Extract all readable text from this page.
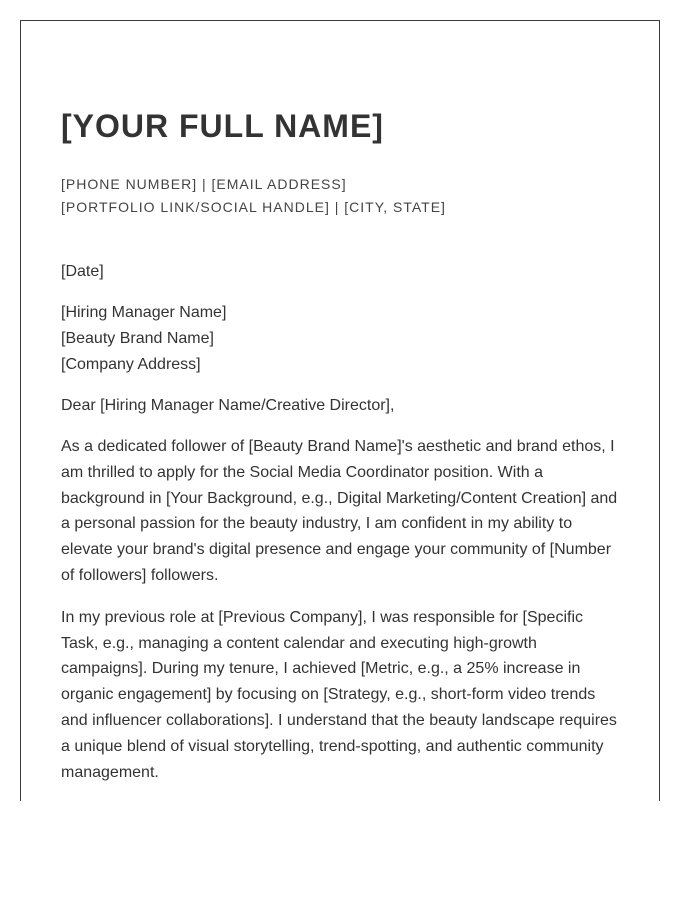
[YOUR FULL NAME]
[PHONE NUMBER] | [EMAIL ADDRESS]
[PORTFOLIO LINK/SOCIAL HANDLE] | [CITY, STATE]
[Date]
[Hiring Manager Name]
[Beauty Brand Name]
[Company Address]
Dear [Hiring Manager Name/Creative Director],

As a dedicated follower of [Beauty Brand Name]'s aesthetic and brand ethos, I am thrilled to apply for the Social Media Coordinator position. With a background in [Your Background, e.g., Digital Marketing/Content Creation] and a personal passion for the beauty industry, I am confident in my ability to elevate your brand's digital presence and engage your community of [Number of followers] followers.

In my previous role at [Previous Company], I was responsible for [Specific Task, e.g., managing a content calendar and executing high-growth campaigns]. During my tenure, I achieved [Metric, e.g., a 25% increase in organic engagement] by focusing on [Strategy, e.g., short-form video trends and influencer collaborations]. I understand that the beauty landscape requires a unique blend of visual storytelling, trend-spotting, and authentic community management.
